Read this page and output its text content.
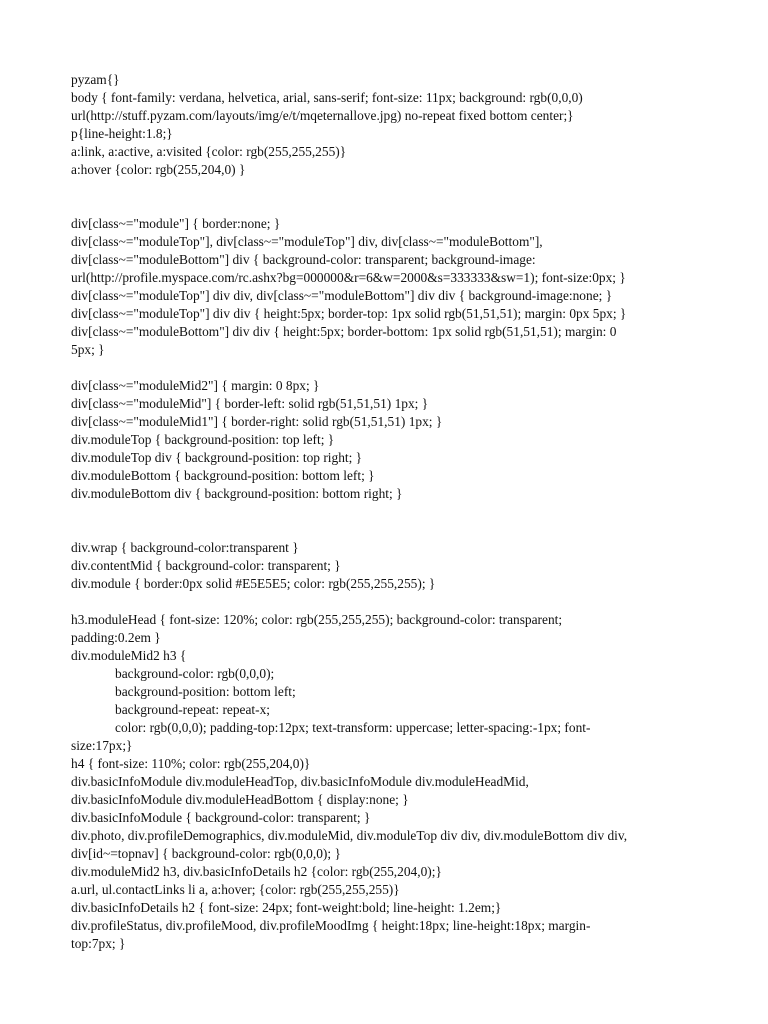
pyzam{}
body { font-family: verdana, helvetica, arial, sans-serif; font-size: 11px; background: rgb(0,0,0)
url(http://stuff.pyzam.com/layouts/img/e/t/mqeternallove.jpg) no-repeat fixed bottom center;}
p{line-height:1.8;}
a:link, a:active, a:visited {color: rgb(255,255,255)}
a:hover {color: rgb(255,204,0) }
div[class~="module"] { border:none; }
div[class~="moduleTop"], div[class~="moduleTop"] div, div[class~="moduleBottom"],
div[class~="moduleBottom"] div { background-color: transparent; background-image:
url(http://profile.myspace.com/rc.ashx?bg=000000&r=6&w=2000&s=333333&sw=1); font-size:0px; }
div[class~="moduleTop"] div div, div[class~="moduleBottom"] div div { background-image:none; }
div[class~="moduleTop"] div div { height:5px; border-top: 1px solid rgb(51,51,51); margin: 0px 5px; }
div[class~="moduleBottom"] div div { height:5px; border-bottom: 1px solid rgb(51,51,51); margin: 0
5px; }
div[class~="moduleMid2"] { margin: 0 8px; }
div[class~="moduleMid"] { border-left: solid rgb(51,51,51) 1px; }
div[class~="moduleMid1"] { border-right: solid rgb(51,51,51) 1px; }
div.moduleTop { background-position: top left; }
div.moduleTop div { background-position: top right; }
div.moduleBottom { background-position: bottom left; }
div.moduleBottom div { background-position: bottom right; }
div.wrap { background-color:transparent }
div.contentMid { background-color: transparent; }
div.module { border:0px solid #E5E5E5; color: rgb(255,255,255); }
h3.moduleHead { font-size: 120%; color: rgb(255,255,255); background-color: transparent;
padding:0.2em }
div.moduleMid2 h3 {
background-color: rgb(0,0,0);
background-position: bottom left;
background-repeat: repeat-x;
color: rgb(0,0,0); padding-top:12px; text-transform: uppercase; letter-spacing:-1px; font-
size:17px;}
h4 { font-size: 110%; color: rgb(255,204,0)}
div.basicInfoModule div.moduleHeadTop, div.basicInfoModule div.moduleHeadMid,
div.basicInfoModule div.moduleHeadBottom { display:none; }
div.basicInfoModule { background-color: transparent; }
div.photo, div.profileDemographics, div.moduleMid, div.moduleTop div div, div.moduleBottom div div,
div[id~=topnav] { background-color: rgb(0,0,0); }
div.moduleMid2 h3, div.basicInfoDetails h2 {color: rgb(255,204,0);}
a.url, ul.contactLinks li a, a:hover; {color: rgb(255,255,255)}
div.basicInfoDetails h2 { font-size: 24px; font-weight:bold; line-height: 1.2em;}
div.profileStatus, div.profileMood, div.profileMoodImg { height:18px; line-height:18px; margin-
top:7px; }
